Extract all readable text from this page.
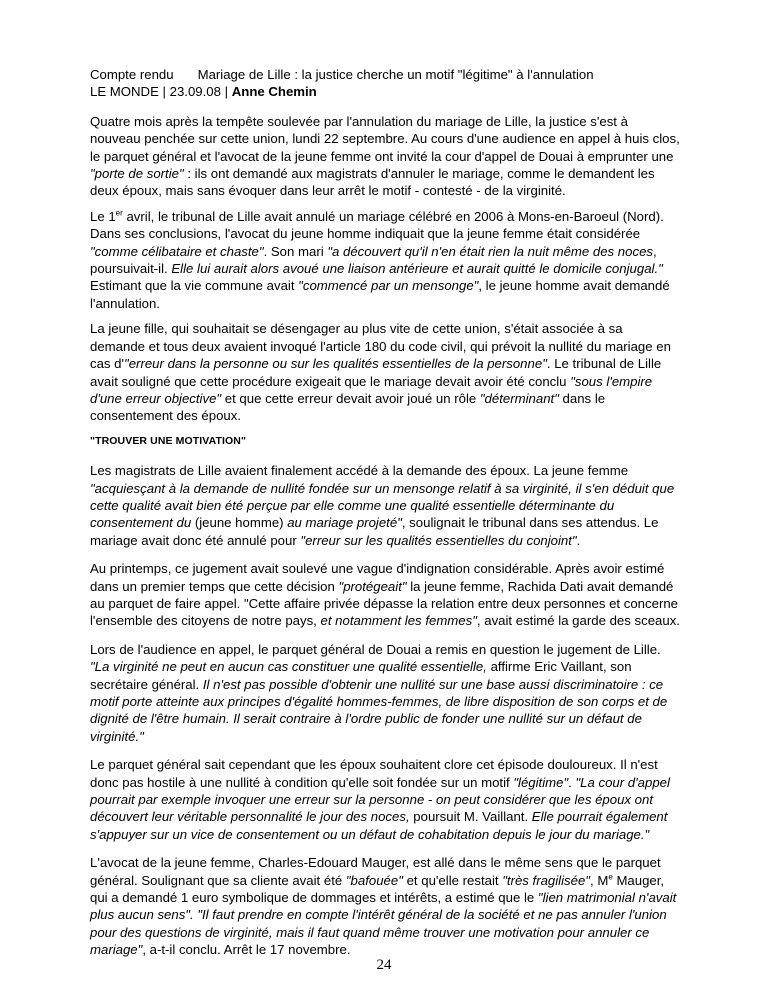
Compte rendu Mariage de Lille : la justice cherche un motif "légitime" à l'annulation

LE MONDE | 23.09.08 | Anne Chemin

Quatre mois après la tempête soulevée par l'annulation du mariage de Lille, la justice s'est à nouveau penchée sur cette union, lundi 22 septembre. Au cours d'une audience en appel à huis clos, le parquet général et l'avocat de la jeune femme ont invité la cour d'appel de Douai à emprunter une "porte de sortie" : ils ont demandé aux magistrats d'annuler le mariage, comme le demandent les deux époux, mais sans évoquer dans leur arrêt le motif - contesté - de la virginité.

Le 1er avril, le tribunal de Lille avait annulé un mariage célébré en 2006 à Mons-en-Baroeul (Nord). Dans ses conclusions, l'avocat du jeune homme indiquait que la jeune femme était considérée "comme célibataire et chaste". Son mari "a découvert qu'il n'en était rien la nuit même des noces, poursuivait-il. Elle lui aurait alors avoué une liaison antérieure et aurait quitté le domicile conjugal." Estimant que la vie commune avait "commencé par un mensonge", le jeune homme avait demandé l'annulation.

La jeune fille, qui souhaitait se désengager au plus vite de cette union, s'était associée à sa demande et tous deux avaient invoqué l'article 180 du code civil, qui prévoit la nullité du mariage en cas d'"erreur dans la personne ou sur les qualités essentielles de la personne". Le tribunal de Lille avait souligné que cette procédure exigeait que le mariage devait avoir été conclu "sous l'empire d'une erreur objective" et que cette erreur devait avoir joué un rôle "déterminant" dans le consentement des époux.

"TROUVER UNE MOTIVATION"

Les magistrats de Lille avaient finalement accédé à la demande des époux. La jeune femme "acquiesçant à la demande de nullité fondée sur un mensonge relatif à sa virginité, il s'en déduit que cette qualité avait bien été perçue par elle comme une qualité essentielle déterminante du consentement du (jeune homme) au mariage projeté", soulignait le tribunal dans ses attendus. Le mariage avait donc été annulé pour "erreur sur les qualités essentielles du conjoint".

Au printemps, ce jugement avait soulevé une vague d'indignation considérable. Après avoir estimé dans un premier temps que cette décision "protégeait" la jeune femme, Rachida Dati avait demandé au parquet de faire appel. "Cette affaire privée dépasse la relation entre deux personnes et concerne l'ensemble des citoyens de notre pays, et notamment les femmes", avait estimé la garde des sceaux.

Lors de l'audience en appel, le parquet général de Douai a remis en question le jugement de Lille. "La virginité ne peut en aucun cas constituer une qualité essentielle, affirme Eric Vaillant, son secrétaire général. Il n'est pas possible d'obtenir une nullité sur une base aussi discriminatoire : ce motif porte atteinte aux principes d'égalité hommes-femmes, de libre disposition de son corps et de dignité de l'être humain. Il serait contraire à l'ordre public de fonder une nullité sur un défaut de virginité."

Le parquet général sait cependant que les époux souhaitent clore cet épisode douloureux. Il n'est donc pas hostile à une nullité à condition qu'elle soit fondée sur un motif "légitime". "La cour d'appel pourrait par exemple invoquer une erreur sur la personne - on peut considérer que les époux ont découvert leur véritable personnalité le jour des noces, poursuit M. Vaillant. Elle pourrait également s'appuyer sur un vice de consentement ou un défaut de cohabitation depuis le jour du mariage."

L'avocat de la jeune femme, Charles-Edouard Mauger, est allé dans le même sens que le parquet général. Soulignant que sa cliente avait été "bafouée" et qu'elle restait "très fragilisée", Me Mauger, qui a demandé 1 euro symbolique de dommages et intérêts, a estimé que le "lien matrimonial n'avait plus aucun sens". "Il faut prendre en compte l'intérêt général de la société et ne pas annuler l'union pour des questions de virginité, mais il faut quand même trouver une motivation pour annuler ce mariage", a-t-il conclu. Arrêt le 17 novembre.

24
